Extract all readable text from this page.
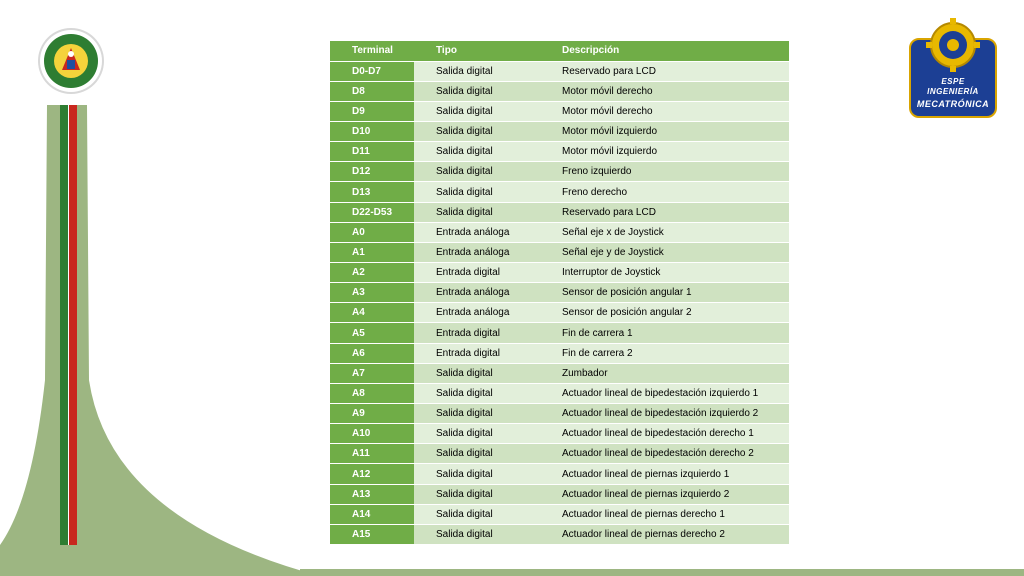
ESPE
INGENIERÍA
MECATRÓNICA
Terminal	Tipo	Descripción
D0-D7	Salida digital	Reservado para LCD
D8	Salida digital	Motor móvil derecho
D9	Salida digital	Motor móvil derecho
D10	Salida digital	Motor móvil izquierdo
D11	Salida digital	Motor móvil izquierdo
D12	Salida digital	Freno izquierdo
D13	Salida digital	Freno derecho
D22-D53	Salida digital	Reservado para LCD
A0	Entrada análoga	Señal eje x de Joystick
A1	Entrada análoga	Señal eje y de Joystick
A2	Entrada digital	Interruptor de Joystick
A3	Entrada análoga	Sensor de posición angular 1
A4	Entrada análoga	Sensor de posición angular 2
A5	Entrada digital	Fin de carrera 1
A6	Entrada digital	Fin de carrera 2
A7	Salida digital	Zumbador
A8	Salida digital	Actuador lineal de bipedestación izquierdo 1
A9	Salida digital	Actuador lineal de bipedestación izquierdo 2
A10	Salida digital	Actuador lineal de bipedestación derecho 1
A11	Salida digital	Actuador lineal de bipedestación derecho 2
A12	Salida digital	Actuador lineal de piernas izquierdo 1
A13	Salida digital	Actuador lineal de piernas izquierdo 2
A14	Salida digital	Actuador lineal de piernas derecho 1
A15	Salida digital	Actuador lineal de piernas derecho 2
